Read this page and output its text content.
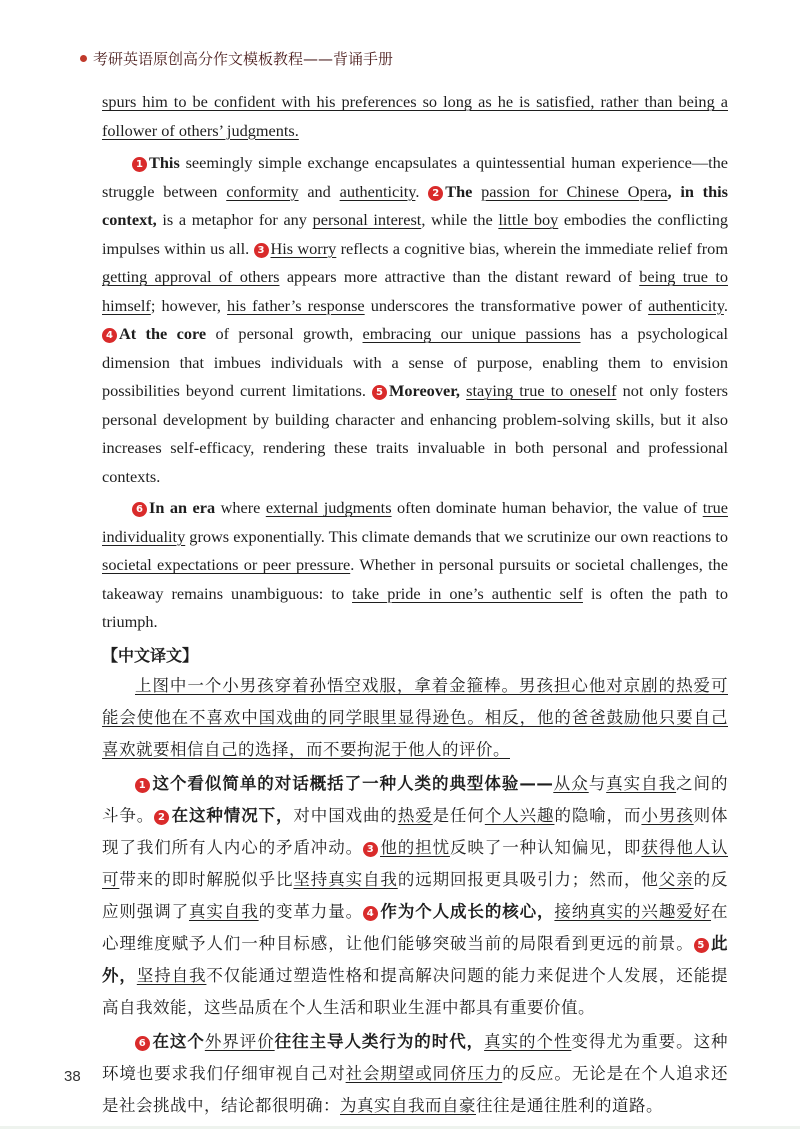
考研英语原创高分作文模板教程——背诵手册

spurs him to be confident with his preferences so long as he is satisfied, rather than being a follower of others’ judgments.

1 This seemingly simple exchange encapsulates a quintessential human experience—the struggle between conformity and authenticity. 2 The passion for Chinese Opera, in this context, is a metaphor for any personal interest, while the little boy embodies the conflicting impulses within us all. 3 His worry reflects a cognitive bias, wherein the immediate relief from getting approval of others appears more attractive than the distant reward of being true to himself; however, his father’s response underscores the transformative power of authenticity. 4 At the core of personal growth, embracing our unique passions has a psychological dimension that imbues individuals with a sense of purpose, enabling them to envision possibilities beyond current limitations. 5 Moreover, staying true to oneself not only fosters personal development by building character and enhancing problem-solving skills, but it also increases self-efficacy, rendering these traits invaluable in both personal and professional contexts.

6 In an era where external judgments often dominate human behavior, the value of true individuality grows exponentially. This climate demands that we scrutinize our own reactions to societal expectations or peer pressure. Whether in personal pursuits or societal challenges, the takeaway remains unambiguous: to take pride in one’s authentic self is often the path to triumph.

【中文译文】

上图中一个小男孩穿着孙悟空戏服，拿着金箍棒。男孩担心他对京剧的热爱可能会使他在不喜欢中国戏曲的同学眼里显得逊色。相反，他的爸爸鼓励他只要自己喜欢就要相信自己的选择，而不要拘泥于他人的评价。

1 这个看似简单的对话概括了一种人类的典型体验——从众与真实自我之间的斗争。 2 在这种情况下，对中国戏曲的热爱是任何个人兴趣的隐喻，而小男孩则体现了我们所有人内心的矛盾冲动。 3 他的担忧反映了一种认知偏见，即获得他人认可带来的即时解脱似乎比坚持真实自我的远期回报更具吸引力；然而，他父亲的反应则强调了真实自我的变革力量。 4 作为个人成长的核心，接纳真实的兴趣爱好在心理维度赋予人们一种目标感，让他们能够突破当前的局限看到更远的前景。 5 此外，坚持自我不仅能通过塑造性格和提高解决问题的能力来促进个人发展，还能提高自我效能，这些品质在个人生活和职业生涯中都具有重要价值。

6 在这个外界评价往往主导人类行为的时代，真实的个性变得尤为重要。这种环境也要求我们仔细审视自己对社会期望或同侪压力的反应。无论是在个人追求还是社会挑战中，结论都很明确：为真实自我而自豪往往是通往胜利的道路。

38
